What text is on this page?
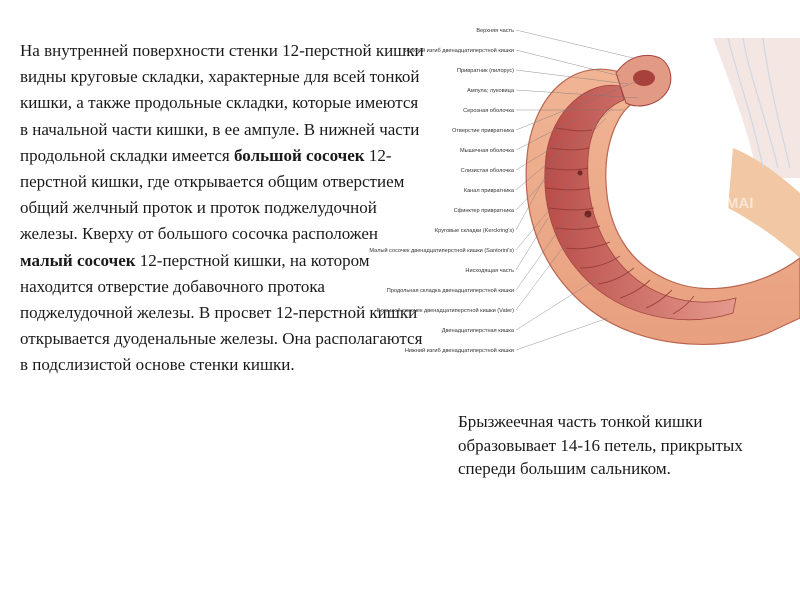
На внутренней поверхности стенки 12-перстной кишки видны круговые складки, характерные для всей тонкой кишки, а также продольные складки, которые имеются в начальной части кишки, в ее ампуле. В нижней части продольной складки имеется большой сосочек 12-перстной кишки, где открывается общим отверстием общий желчный проток и проток поджелудочной железы. Кверху от большого сосочка расположен малый сосочек 12-перстной кишки, на котором находится отверстие добавочного протока поджелудочной железы. В просвет 12-перстной кишки открывается дуоденальные железы. Она располагаются в подслизистой основе стенки кишки.

Верхняя часть
Верхний изгиб двенадцатиперстной кишки
Привратник (пилорус)
Ампула; луковица
Серозная оболочка
Отверстие привратника
Мышечная оболочка
Слизистая оболочка
Канал привратника
Сфинктер привратника
Круговые складки (Kerckring's)
Малый сосочек двенадцатиперстной кишки (Santorini's)
Нисходящая часть
Продольная складка двенадцатиперстной кишки
Большой сосочек двенадцатиперстной кишки (Vater)
Двенадцатиперстная кишка
Нижний изгиб двенадцатиперстной кишки
copyright © IMAI

Брызжеечная часть тонкой кишки образовывает 14-16 петель, прикрытых спереди большим сальником.
